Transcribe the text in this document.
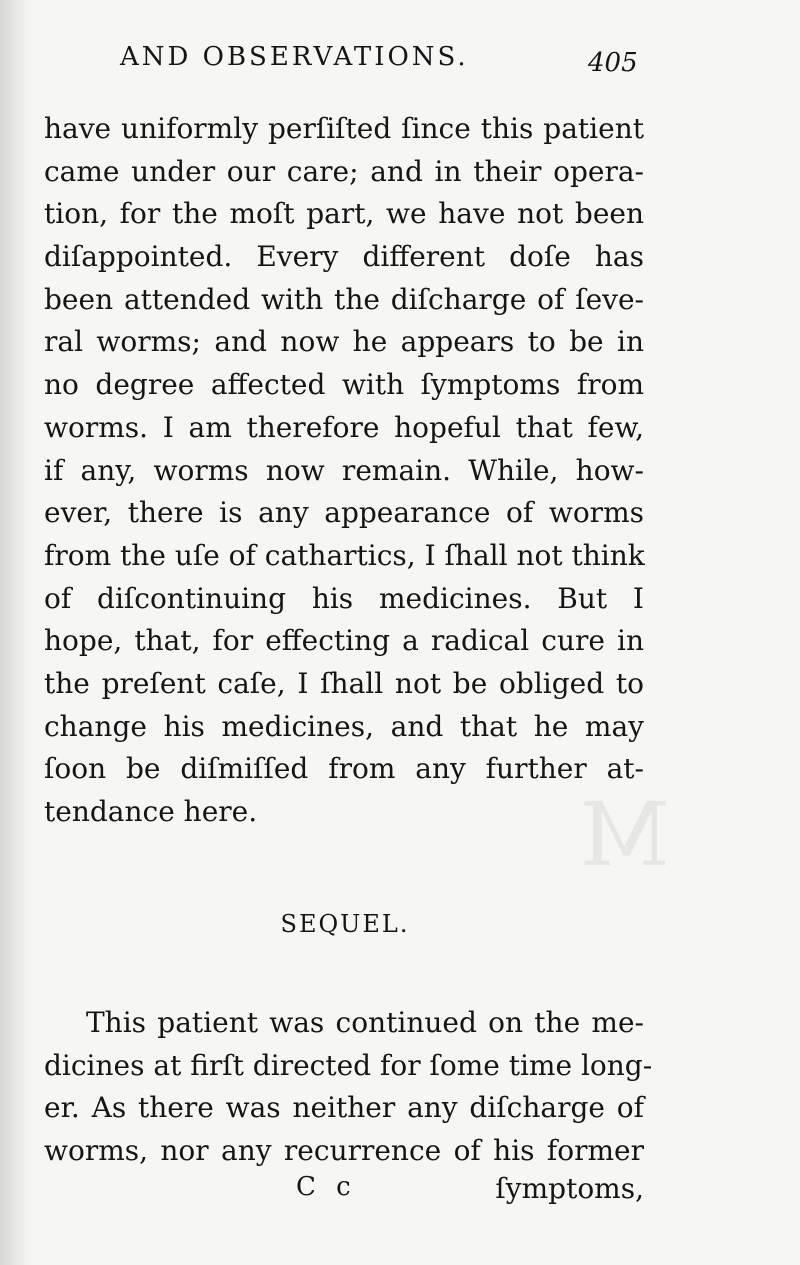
M
AND OBSERVATIONS.	405
have uniformly perſiſted ſince this patient
came under our care; and in their opera-
tion, for the moſt part, we have not been
diſappointed. Every different doſe has
been attended with the diſcharge of ſeve-
ral worms; and now he appears to be in
no degree affected with ſymptoms from
worms. I am therefore hopeful that few,
if any, worms now remain. While, how-
ever, there is any appearance of worms
from the uſe of cathartics, I ſhall not think
of diſcontinuing his medicines. But I
hope, that, for effecting a radical cure in
the preſent caſe, I ſhall not be obliged to
change his medicines, and that he may
ſoon be diſmiſſed from any further at-
tendance here.
SEQUEL.
This patient was continued on the me-
dicines at firſt directed for ſome time long-
er. As there was neither any diſcharge of
worms, nor any recurrence of his former
C c	ſymptoms,
